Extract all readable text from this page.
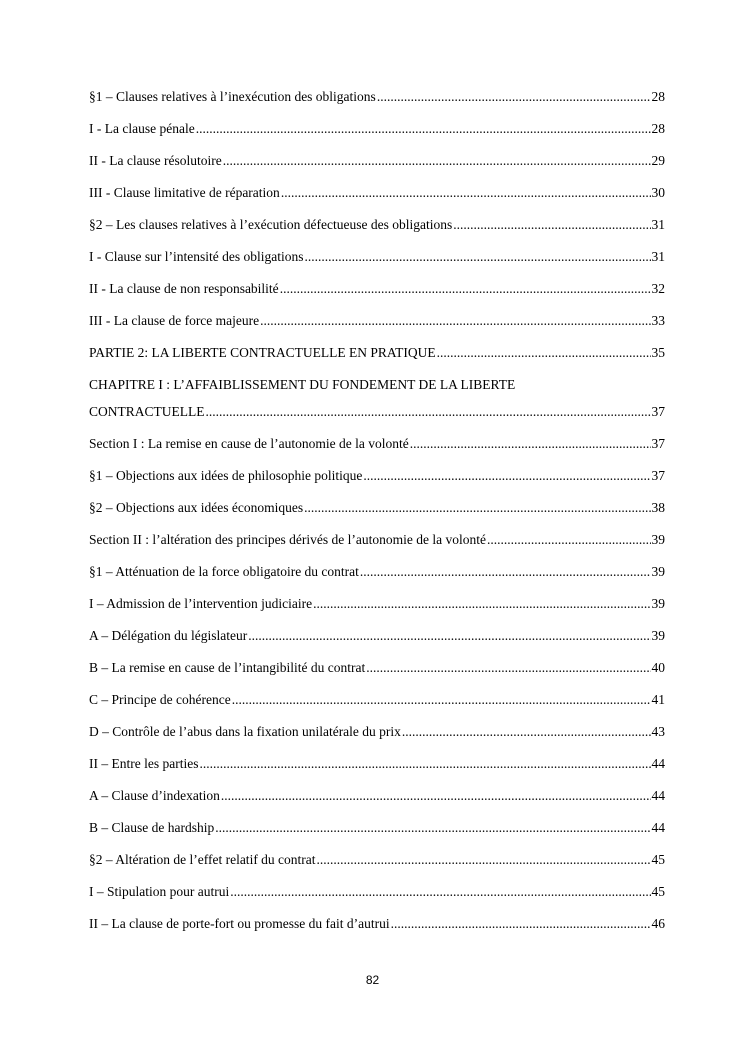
§1 – Clauses relatives à l’inexécution des obligations .....	28
I - La clause pénale .....	28
II - La clause résolutoire .....	29
III - Clause limitative de réparation .....	30
§2 – Les clauses relatives à l’exécution défectueuse des obligations .....	31
I - Clause sur l’intensité des obligations .....	31
II - La clause de non responsabilité .....	32
III - La clause de force majeure .....	33
PARTIE 2: LA LIBERTE CONTRACTUELLE EN PRATIQUE .....	35
CHAPITRE I : L’AFFAIBLISSEMENT DU FONDEMENT DE LA LIBERTE
CONTRACTUELLE .....	37
Section I : La remise en cause de l’autonomie de la volonté .....	37
§1 – Objections aux idées de philosophie politique .....	37
§2 – Objections aux idées économiques .....	38
Section II : l’altération des principes dérivés de l’autonomie de la volonté .....	39
§1 – Atténuation de la force obligatoire du contrat .....	39
I – Admission de l’intervention judiciaire .....	39
A – Délégation du législateur .....	39
B – La remise en cause de l’intangibilité du contrat .....	40
C – Principe de cohérence .....	41
D – Contrôle de l’abus dans la fixation unilatérale du prix .....	43
II – Entre les parties .....	44
A – Clause d’indexation .....	44
B – Clause de hardship .....	44
§2 – Altération de l’effet relatif du contrat .....	45
I – Stipulation pour autrui .....	45
II – La clause de porte-fort ou promesse du fait d’autrui .....	46
82
